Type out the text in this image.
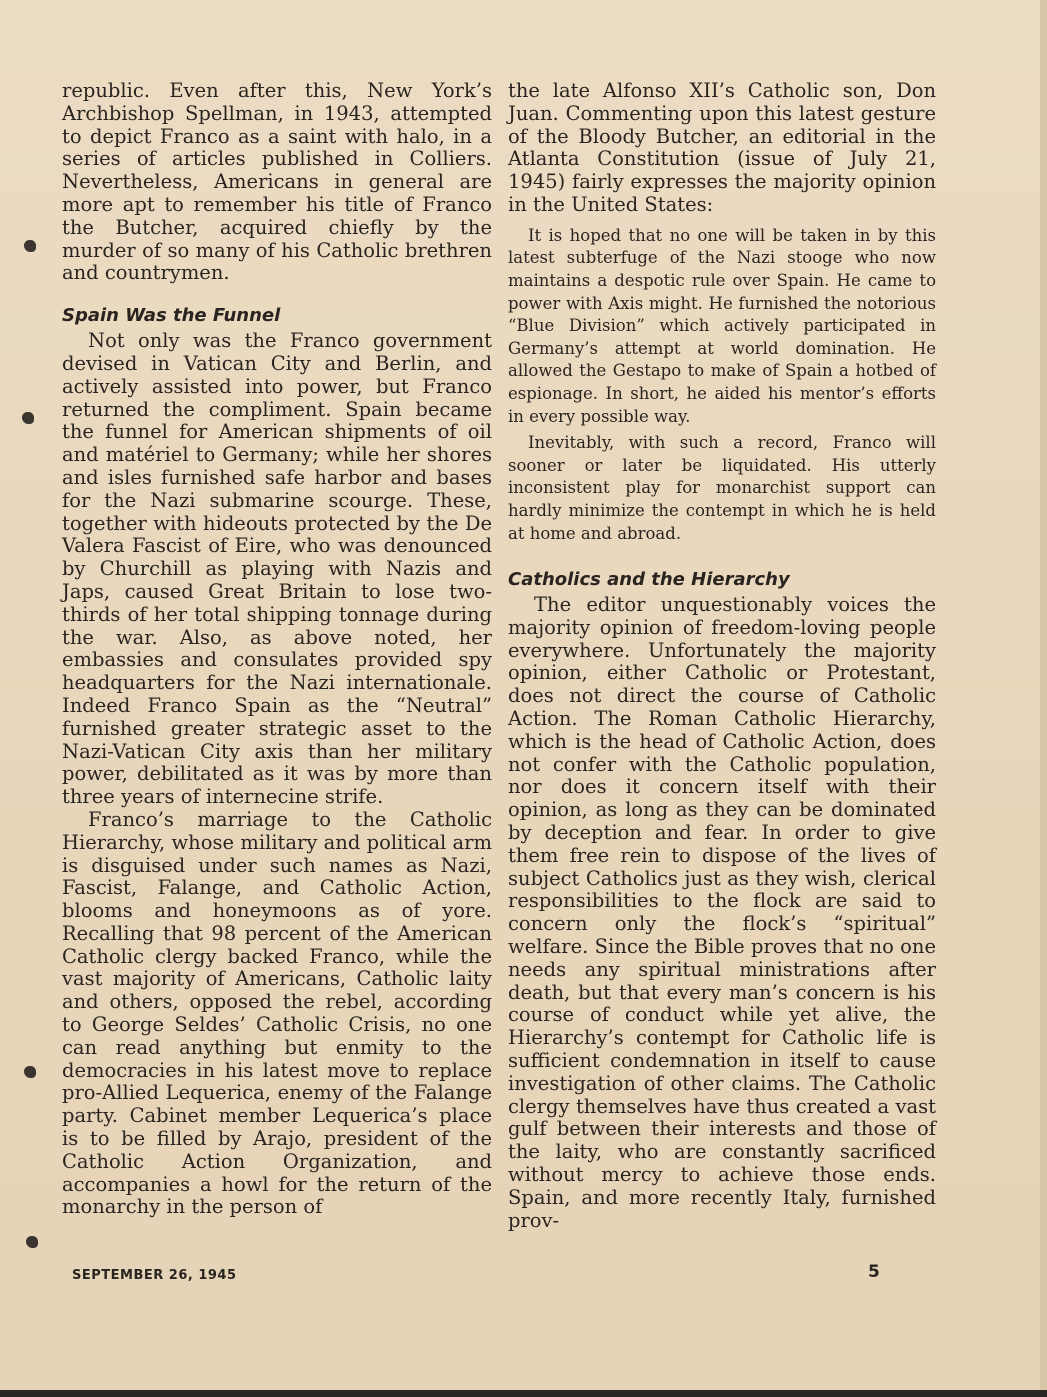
republic. Even after this, New York’s Archbishop Spellman, in 1943, attempted to depict Franco as a saint with halo, in a series of articles published in Colliers. Nevertheless, Americans in general are more apt to remember his title of Franco the Butcher, acquired chiefly by the murder of so many of his Catholic brethren and countrymen.

Spain Was the Funnel

Not only was the Franco government devised in Vatican City and Berlin, and actively assisted into power, but Franco returned the compliment. Spain became the funnel for American shipments of oil and matériel to Germany; while her shores and isles furnished safe harbor and bases for the Nazi submarine scourge. These, together with hideouts protected by the De Valera Fascist of Eire, who was denounced by Churchill as playing with Nazis and Japs, caused Great Britain to lose two-thirds of her total shipping tonnage during the war. Also, as above noted, her embassies and consulates provided spy headquarters for the Nazi internationale. Indeed Franco Spain as the “Neutral” furnished greater strategic asset to the Nazi-Vatican City axis than her military power, debilitated as it was by more than three years of internecine strife.

Franco’s marriage to the Catholic Hierarchy, whose military and political arm is disguised under such names as Nazi, Fascist, Falange, and Catholic Action, blooms and honeymoons as of yore. Recalling that 98 percent of the American Catholic clergy backed Franco, while the vast majority of Americans, Catholic laity and others, opposed the rebel, according to George Seldes’ Catholic Crisis, no one can read anything but enmity to the democracies in his latest move to replace pro-Allied Lequerica, enemy of the Falange party. Cabinet member Lequerica’s place is to be filled by Arajo, president of the Catholic Action Organization, and accompanies a howl for the return of the monarchy in the person of

the late Alfonso XII’s Catholic son, Don Juan. Commenting upon this latest gesture of the Bloody Butcher, an editorial in the Atlanta Constitution (issue of July 21, 1945) fairly expresses the majority opinion in the United States:

It is hoped that no one will be taken in by this latest subterfuge of the Nazi stooge who now maintains a despotic rule over Spain. He came to power with Axis might. He furnished the notorious “Blue Division” which actively participated in Germany’s attempt at world domination. He allowed the Gestapo to make of Spain a hotbed of espionage. In short, he aided his mentor’s efforts in every possible way.

Inevitably, with such a record, Franco will sooner or later be liquidated. His utterly inconsistent play for monarchist support can hardly minimize the contempt in which he is held at home and abroad.

Catholics and the Hierarchy

The editor unquestionably voices the majority opinion of freedom-loving people everywhere. Unfortunately the majority opinion, either Catholic or Protestant, does not direct the course of Catholic Action. The Roman Catholic Hierarchy, which is the head of Catholic Action, does not confer with the Catholic population, nor does it concern itself with their opinion, as long as they can be dominated by deception and fear. In order to give them free rein to dispose of the lives of subject Catholics just as they wish, clerical responsibilities to the flock are said to concern only the flock’s “spiritual” welfare. Since the Bible proves that no one needs any spiritual ministrations after death, but that every man’s concern is his course of conduct while yet alive, the Hierarchy’s contempt for Catholic life is sufficient condemnation in itself to cause investigation of other claims. The Catholic clergy themselves have thus created a vast gulf between their interests and those of the laity, who are constantly sacrificed without mercy to achieve those ends. Spain, and more recently Italy, furnished prov-

SEPTEMBER 26, 1945	5
